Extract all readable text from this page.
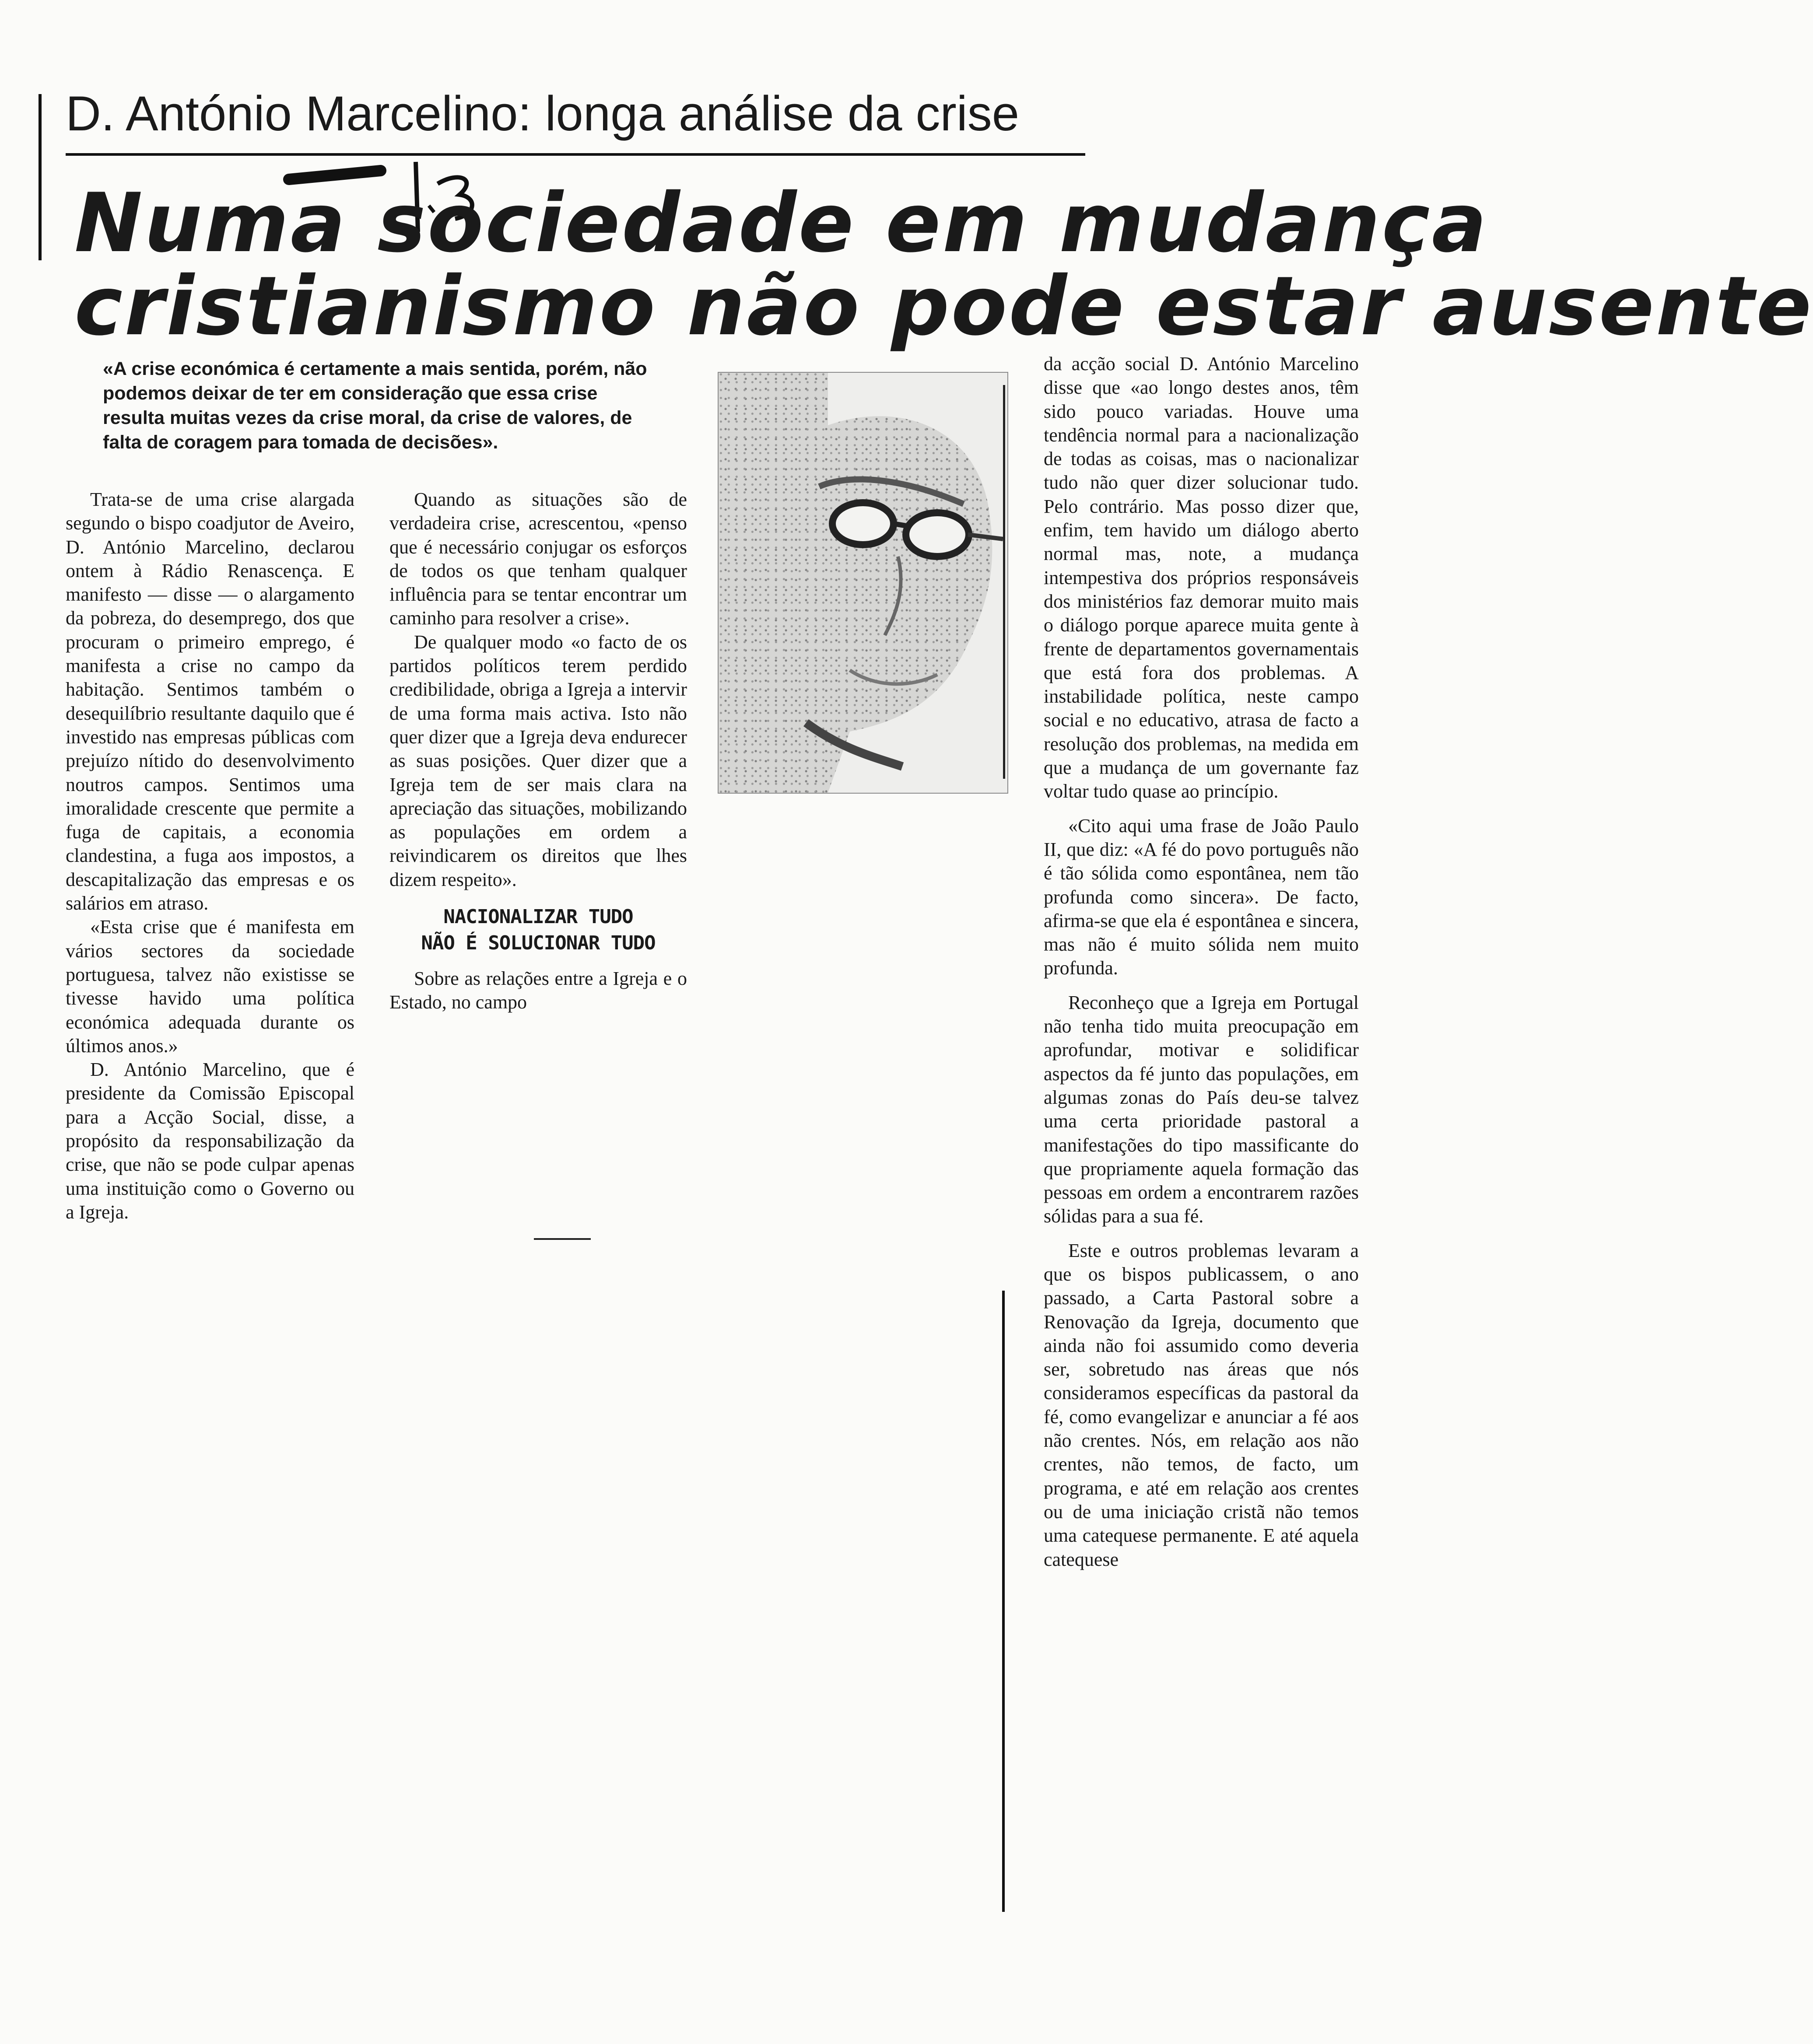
D. António Marcelino: longa análise da crise
Numa sociedade em mudança
cristianismo não pode estar ausente
«A crise económica é certamente a mais sentida, porém, não podemos deixar de ter em consideração que essa crise resulta muitas vezes da crise moral, da crise de valores, de falta de coragem para tomada de decisões».

Trata-se de uma crise alargada segundo o bispo coadjutor de Aveiro, D. António Marcelino, declarou ontem à Rádio Renascença. E manifesto — disse — o alargamento da pobreza, do desemprego, dos que procuram o primeiro emprego, é manifesta a crise no campo da habitação. Sentimos também o desequilíbrio resultante daquilo que é investido nas empresas públicas com prejuízo nítido do desenvolvimento noutros campos. Sentimos uma imoralidade crescente que permite a fuga de capitais, a economia clandestina, a fuga aos impostos, a descapitalização das empresas e os salários em atraso.

«Esta crise que é manifesta em vários sectores da sociedade portuguesa, talvez não existisse se tivesse havido uma política económica adequada durante os últimos anos.»

D. António Marcelino, que é presidente da Comissão Episcopal para a Acção Social, disse, a propósito da responsabilização da crise, que não se pode culpar apenas uma instituição como o Governo ou a Igreja.

Quando as situações são de verdadeira crise, acrescentou, «penso que é necessário conjugar os esforços de todos os que tenham qualquer influência para se tentar encontrar um caminho para resolver a crise».

De qualquer modo «o facto de os partidos políticos terem perdido credibilidade, obriga a Igreja a intervir de uma forma mais activa. Isto não quer dizer que a Igreja deva endurecer as suas posições. Quer dizer que a Igreja tem de ser mais clara na apreciação das situações, mobilizando as populações em ordem a reivindicarem os direitos que lhes dizem respeito».

NACIONALIZAR TUDO
NÃO É SOLUCIONAR TUDO

Sobre as relações entre a Igreja e o Estado, no campo

da acção social D. António Marcelino disse que «ao longo destes anos, têm sido pouco variadas. Houve uma tendência normal para a nacionalização de todas as coisas, mas o nacionalizar tudo não quer dizer solucionar tudo. Pelo contrário. Mas posso dizer que, enfim, tem havido um diálogo aberto normal mas, note, a mudança intempestiva dos próprios responsáveis dos ministérios faz demorar muito mais o diálogo porque aparece muita gente à frente de departamentos governamentais que está fora dos problemas. A instabilidade política, neste campo social e no educativo, atrasa de facto a resolução dos problemas, na medida em que a mudança de um governante faz voltar tudo quase ao princípio.

«Cito aqui uma frase de João Paulo II, que diz: «A fé do povo português não é tão sólida como espontânea, nem tão profunda como sincera». De facto, afirma-se que ela é espontânea e sincera, mas não é muito sólida nem muito profunda.

Reconheço que a Igreja em Portugal não tenha tido muita preocupação em aprofundar, motivar e solidificar aspectos da fé junto das populações, em algumas zonas do País deu-se talvez uma certa prioridade pastoral a manifestações do tipo massificante do que propriamente aquela formação das pessoas em ordem a encontrarem razões sólidas para a sua fé.

Este e outros problemas levaram a que os bispos publicassem, o ano passado, a Carta Pastoral sobre a Renovação da Igreja, documento que ainda não foi assumido como deveria ser, sobretudo nas áreas que nós consideramos específicas da pastoral da fé, como evangelizar e anunciar a fé aos não crentes. Nós, em relação aos não crentes, não temos, de facto, um programa, e até em relação aos crentes ou de uma iniciação cristã não temos uma catequese permanente. E até aquela catequese
